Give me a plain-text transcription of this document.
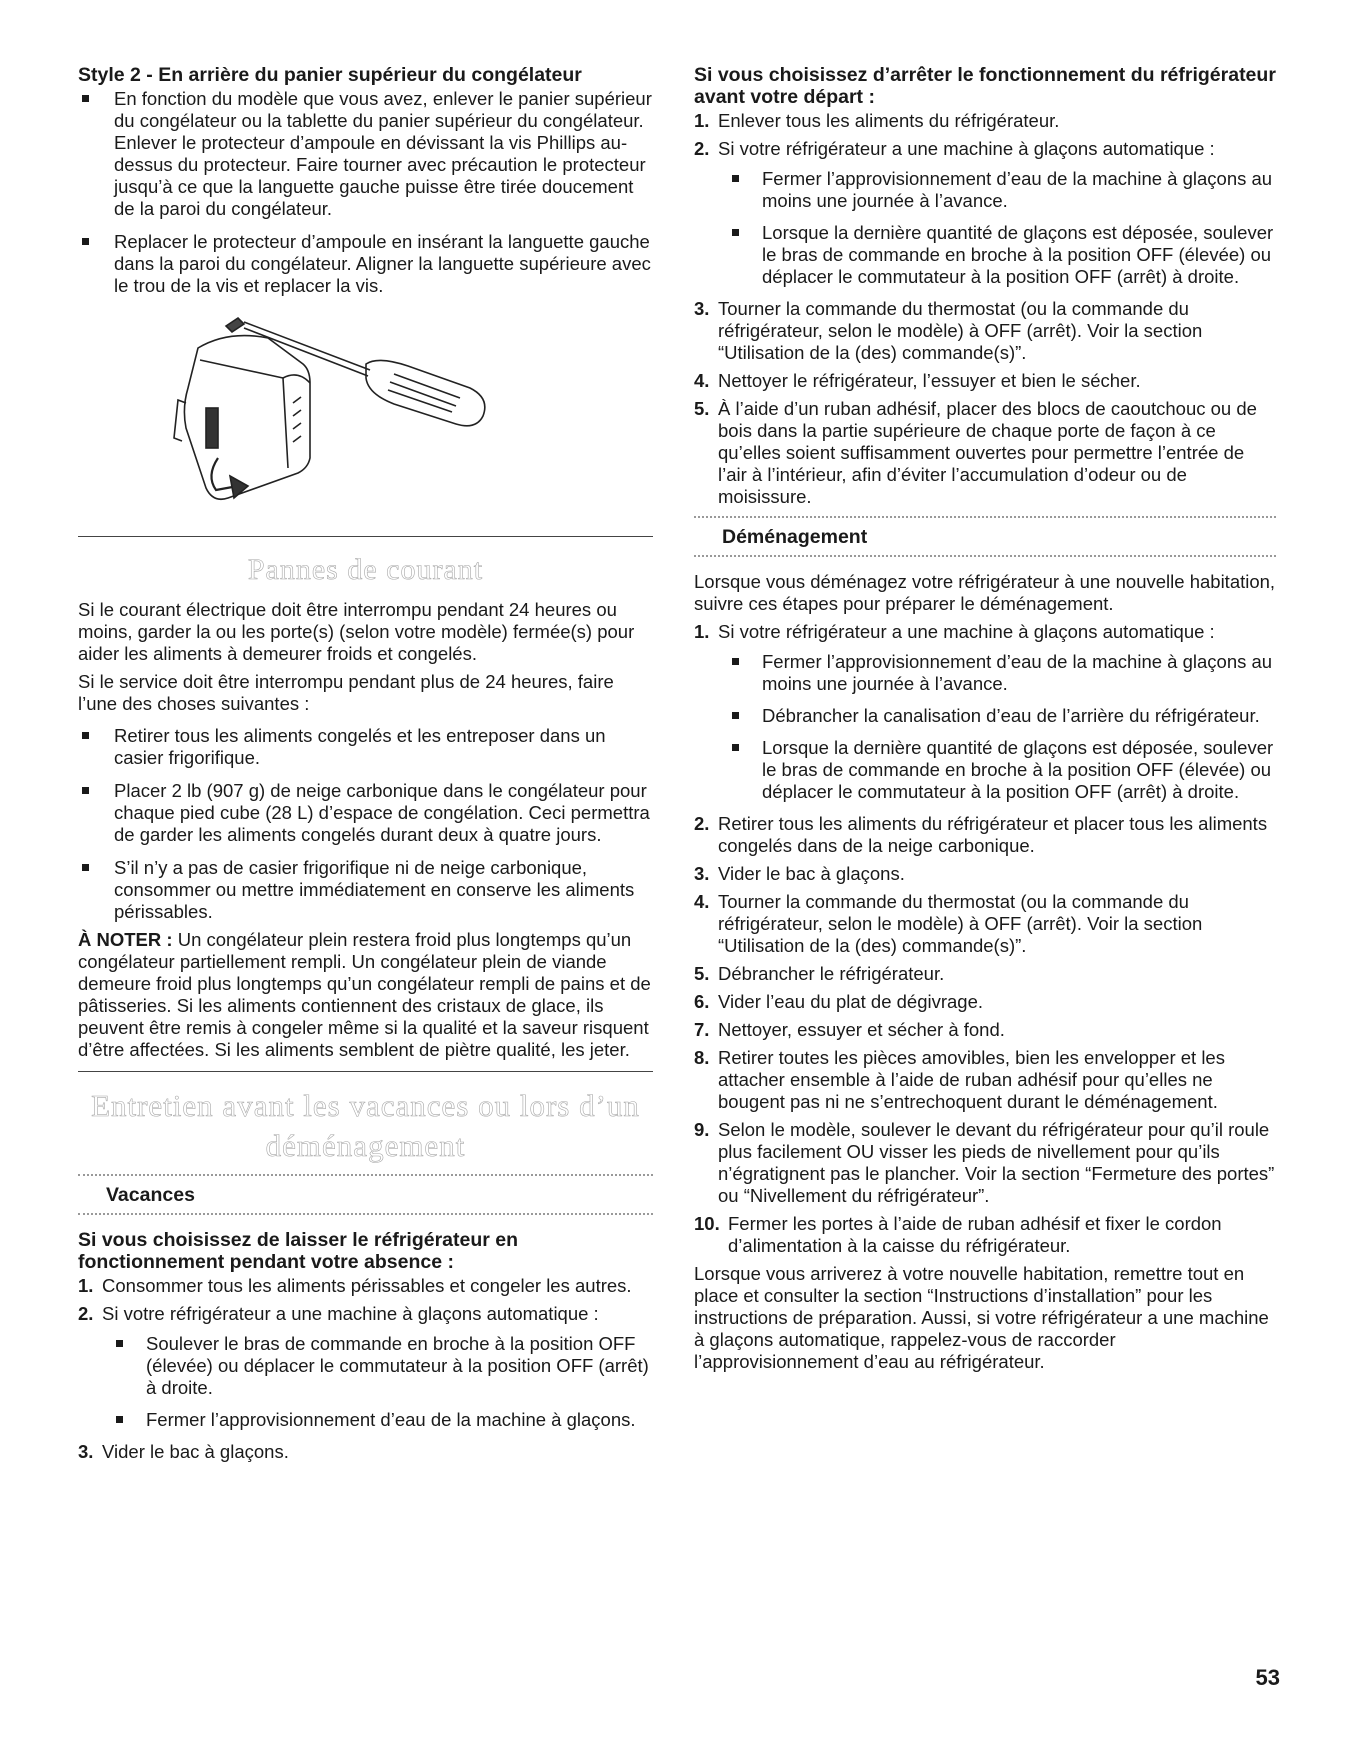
Style 2 - En arrière du panier supérieur du congélateur
En fonction du modèle que vous avez, enlever le panier supérieur du congélateur ou la tablette du panier supérieur du congélateur. Enlever le protecteur d’ampoule en dévissant la vis Phillips au-dessus du protecteur. Faire tourner avec précaution le protecteur jusqu’à ce que la languette gauche puisse être tirée doucement de la paroi du congélateur.
Replacer le protecteur d’ampoule en insérant la languette gauche dans la paroi du congélateur. Aligner la languette supérieure avec le trou de la vis et replacer la vis.
Pannes de courant

Si le courant électrique doit être interrompu pendant 24 heures ou moins, garder la ou les porte(s) (selon votre modèle) fermée(s) pour aider les aliments à demeurer froids et congelés.

Si le service doit être interrompu pendant plus de 24 heures, faire l’une des choses suivantes :

Retirer tous les aliments congelés et les entreposer dans un casier frigorifique.
Placer 2 lb (907 g) de neige carbonique dans le congélateur pour chaque pied cube (28 L) d’espace de congélation. Ceci permettra de garder les aliments congelés durant deux à quatre jours.
S’il n’y a pas de casier frigorifique ni de neige carbonique, consommer ou mettre immédiatement en conserve les aliments périssables.

À NOTER : Un congélateur plein restera froid plus longtemps qu’un congélateur partiellement rempli. Un congélateur plein de viande demeure froid plus longtemps qu’un congélateur rempli de pains et de pâtisseries. Si les aliments contiennent des cristaux de glace, ils peuvent être remis à congeler même si la qualité et la saveur risquent d’être affectées. Si les aliments semblent de piètre qualité, les jeter.

Entretien avant les vacances ou lors d’un
déménagement
Vacances
Si vous choisissez de laisser le réfrigérateur en fonctionnement pendant votre absence :
1. Consommer tous les aliments périssables et congeler les autres.
2. Si votre réfrigérateur a une machine à glaçons automatique :
Soulever le bras de commande en broche à la position OFF (élevée) ou déplacer le commutateur à la position OFF (arrêt) à droite.
Fermer l’approvisionnement d’eau de la machine à glaçons.
3. Vider le bac à glaçons.
Si vous choisissez d’arrêter le fonctionnement du réfrigérateur avant votre départ :
1. Enlever tous les aliments du réfrigérateur.
2. Si votre réfrigérateur a une machine à glaçons automatique :
Fermer l’approvisionnement d’eau de la machine à glaçons au moins une journée à l’avance.
Lorsque la dernière quantité de glaçons est déposée, soulever le bras de commande en broche à la position OFF (élevée) ou déplacer le commutateur à la position OFF (arrêt) à droite.
3. Tourner la commande du thermostat (ou la commande du réfrigérateur, selon le modèle) à OFF (arrêt). Voir la section “Utilisation de la (des) commande(s)”.
4. Nettoyer le réfrigérateur, l’essuyer et bien le sécher.
5. À l’aide d’un ruban adhésif, placer des blocs de caoutchouc ou de bois dans la partie supérieure de chaque porte de façon à ce qu’elles soient suffisamment ouvertes pour permettre l’entrée de l’air à l’intérieur, afin d’éviter l’accumulation d’odeur ou de moisissure.
Déménagement

Lorsque vous déménagez votre réfrigérateur à une nouvelle habitation, suivre ces étapes pour préparer le déménagement.

1. Si votre réfrigérateur a une machine à glaçons automatique :
Fermer l’approvisionnement d’eau de la machine à glaçons au moins une journée à l’avance.
Débrancher la canalisation d’eau de l’arrière du réfrigérateur.
Lorsque la dernière quantité de glaçons est déposée, soulever le bras de commande en broche à la position OFF (élevée) ou déplacer le commutateur à la position OFF (arrêt) à droite.
2. Retirer tous les aliments du réfrigérateur et placer tous les aliments congelés dans de la neige carbonique.
3. Vider le bac à glaçons.
4. Tourner la commande du thermostat (ou la commande du réfrigérateur, selon le modèle) à OFF (arrêt). Voir la section “Utilisation de la (des) commande(s)”.
5. Débrancher le réfrigérateur.
6. Vider l’eau du plat de dégivrage.
7. Nettoyer, essuyer et sécher à fond.
8. Retirer toutes les pièces amovibles, bien les envelopper et les attacher ensemble à l’aide de ruban adhésif pour qu’elles ne bougent pas ni ne s’entrechoquent durant le déménagement.
9. Selon le modèle, soulever le devant du réfrigérateur pour qu’il roule plus facilement OU visser les pieds de nivellement pour qu’ils n’égratignent pas le plancher. Voir la section “Fermeture des portes” ou “Nivellement du réfrigérateur”.
10. Fermer les portes à l’aide de ruban adhésif et fixer le cordon d’alimentation à la caisse du réfrigérateur.

Lorsque vous arriverez à votre nouvelle habitation, remettre tout en place et consulter la section “Instructions d’installation” pour les instructions de préparation. Aussi, si votre réfrigérateur a une machine à glaçons automatique, rappelez-vous de raccorder l’approvisionnement d’eau au réfrigérateur.

53
